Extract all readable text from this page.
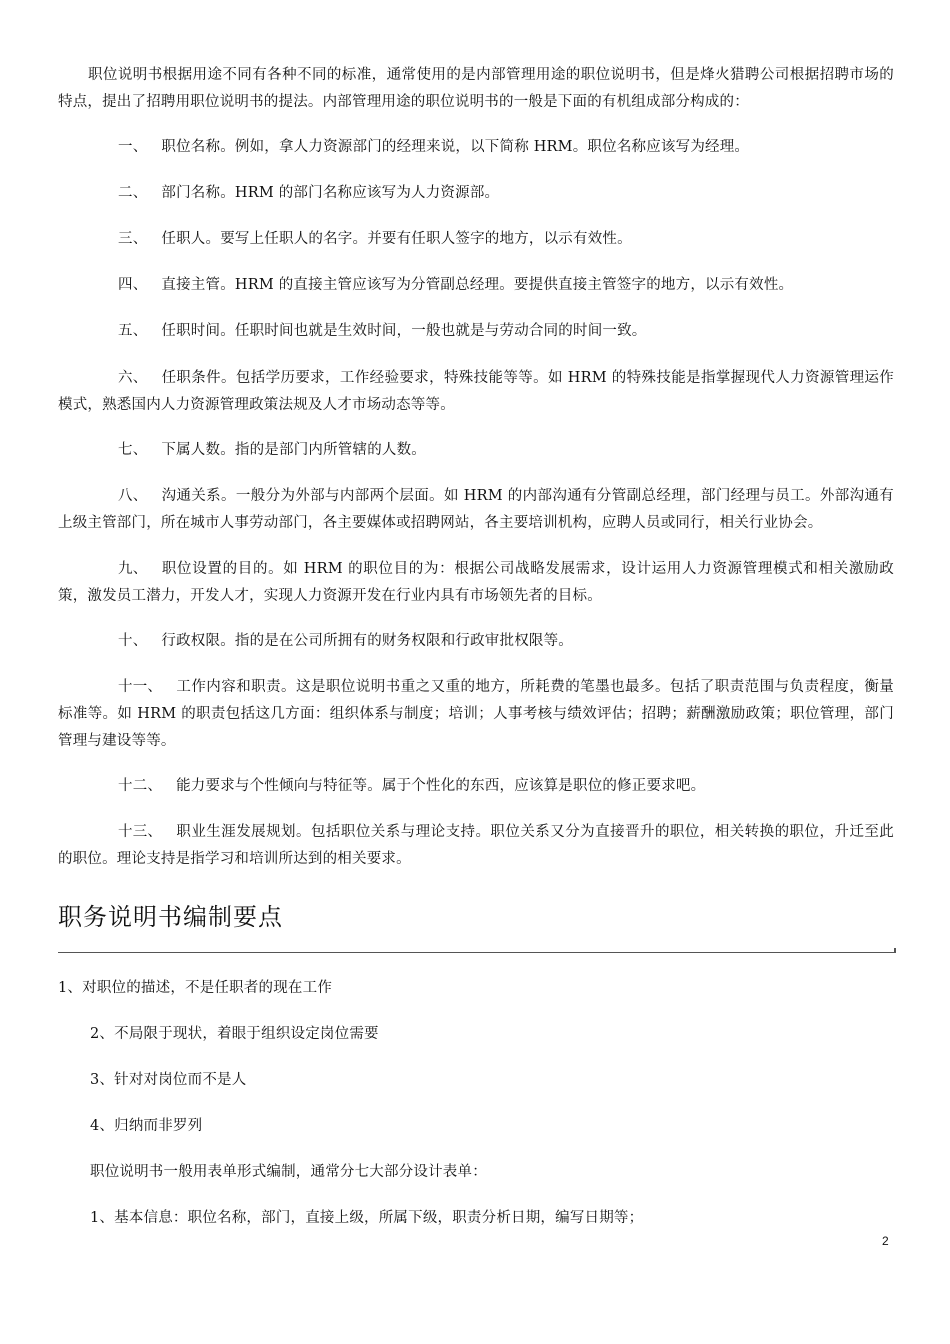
职位说明书根据用途不同有各种不同的标准，通常使用的是内部管理用途的职位说明书，但是烽火猎聘公司根据招聘市场的特点，提出了招聘用职位说明书的提法。内部管理用途的职位说明书的一般是下面的有机组成部分构成的：

一、 职位名称。例如，拿人力资源部门的经理来说，以下简称 HRM。职位名称应该写为经理。

二、 部门名称。HRM 的部门名称应该写为人力资源部。

三、 任职人。要写上任职人的名字。并要有任职人签字的地方，以示有效性。

四、 直接主管。HRM 的直接主管应该写为分管副总经理。要提供直接主管签字的地方，以示有效性。

五、 任职时间。任职时间也就是生效时间，一般也就是与劳动合同的时间一致。

六、 任职条件。包括学历要求，工作经验要求，特殊技能等等。如 HRM 的特殊技能是指掌握现代人力资源管理运作模式，熟悉国内人力资源管理政策法规及人才市场动态等等。

七、 下属人数。指的是部门内所管辖的人数。

八、 沟通关系。一般分为外部与内部两个层面。如 HRM 的内部沟通有分管副总经理，部门经理与员工。外部沟通有上级主管部门，所在城市人事劳动部门，各主要媒体或招聘网站，各主要培训机构，应聘人员或同行，相关行业协会。

九、 职位设置的目的。如 HRM 的职位目的为：根据公司战略发展需求，设计运用人力资源管理模式和相关激励政策，激发员工潜力，开发人才，实现人力资源开发在行业内具有市场领先者的目标。

十、 行政权限。指的是在公司所拥有的财务权限和行政审批权限等。

十一、 工作内容和职责。这是职位说明书重之又重的地方，所耗费的笔墨也最多。包括了职责范围与负责程度，衡量标准等。如 HRM 的职责包括这几方面：组织体系与制度；培训；人事考核与绩效评估；招聘；薪酬激励政策；职位管理，部门管理与建设等等。

十二、 能力要求与个性倾向与特征等。属于个性化的东西，应该算是职位的修正要求吧。

十三、 职业生涯发展规划。包括职位关系与理论支持。职位关系又分为直接晋升的职位，相关转换的职位，升迁至此的职位。理论支持是指学习和培训所达到的相关要求。

职务说明书编制要点

1、对职位的描述，不是任职者的现在工作

2、不局限于现状，着眼于组织设定岗位需要

3、针对对岗位而不是人

4、归纳而非罗列

职位说明书一般用表单形式编制，通常分七大部分设计表单：

1、基本信息：职位名称，部门，直接上级，所属下级，职责分析日期，编写日期等；

2
